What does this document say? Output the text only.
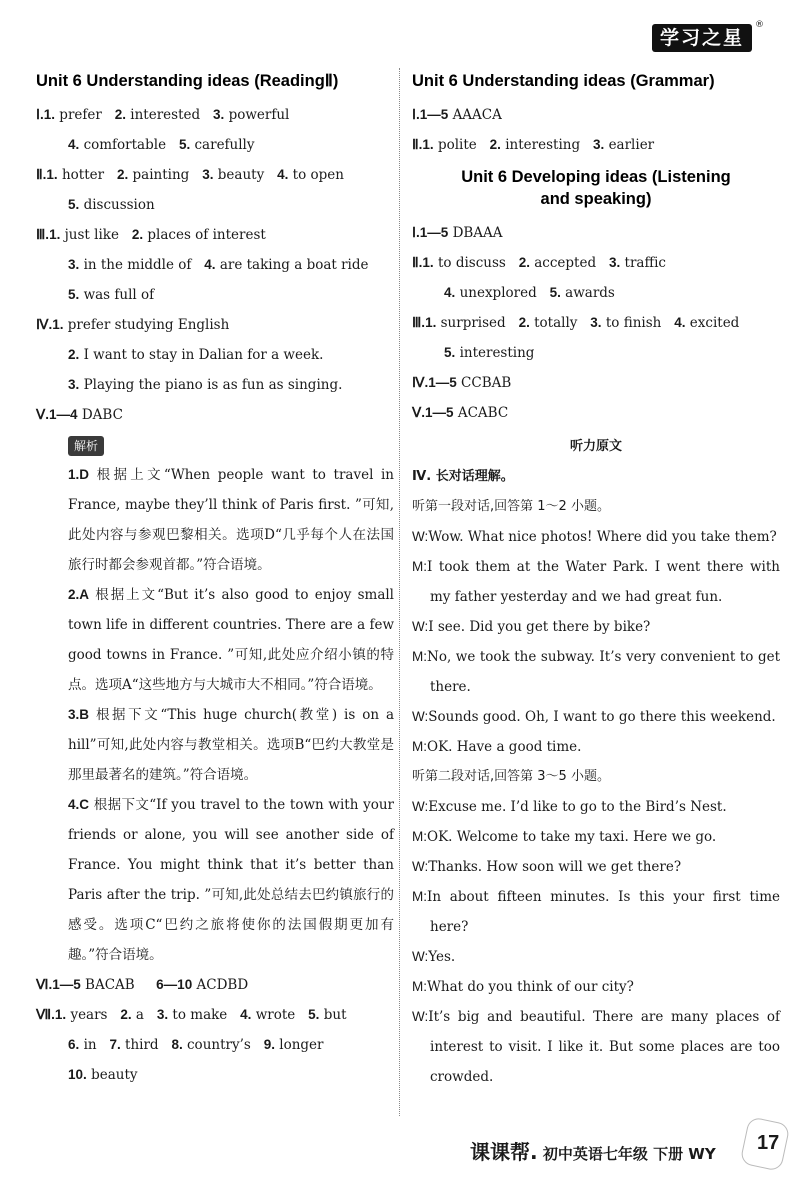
学习之星
®
Unit 6 Understanding ideas (ReadingⅡ)
Ⅰ.1. prefer 2. interested 3. powerful
4. comfortable 5. carefully
Ⅱ.1. hotter 2. painting 3. beauty 4. to open
5. discussion
Ⅲ.1. just like 2. places of interest
3. in the middle of 4. are taking a boat ride
5. was full of
Ⅳ.1. prefer studying English
2. I want to stay in Dalian for a week.
3. Playing the piano is as fun as singing.
Ⅴ.1—4 DABC
解析

1.D 根据上文“When people want to travel in France, maybe they’ll think of Paris first. ”可知,此处内容与参观巴黎相关。选项D“几乎每个人在法国旅行时都会参观首都。”符合语境。

2.A 根据上文“But it’s also good to enjoy small town life in different countries. There are a few good towns in France. ”可知,此处应介绍小镇的特点。选项A“这些地方与大城市大不相同。”符合语境。

3.B 根据下文“This huge church(教堂) is on a hill”可知,此处内容与教堂相关。选项B“巴约大教堂是那里最著名的建筑。”符合语境。

4.C 根据下文“If you travel to the town with your friends or alone, you will see another side of France. You might think that it’s better than Paris after the trip. ”可知,此处总结去巴约镇旅行的感受。选项C“巴约之旅将使你的法国假期更加有趣。”符合语境。

Ⅵ.1—5 BACAB 6—10 ACDBD
Ⅶ.1. years 2. a 3. to make 4. wrote 5. but
6. in 7. third 8. country’s 9. longer
10. beauty
Unit 6 Understanding ideas (Grammar)
Ⅰ.1—5 AAACA
Ⅱ.1. polite 2. interesting 3. earlier
Unit 6 Developing ideas (Listening
and speaking)
Ⅰ.1—5 DBAAA
Ⅱ.1. to discuss 2. accepted 3. traffic
4. unexplored 5. awards
Ⅲ.1. surprised 2. totally 3. to finish 4. excited
5. interesting
Ⅳ.1—5 CCBAB
Ⅴ.1—5 ACABC
听力原文
Ⅳ. 长对话理解。
听第一段对话,回答第 1～2 小题。
W:Wow. What nice photos! Where did you take them?
M:I took them at the Water Park. I went there with my father yesterday and we had great fun.
W:I see. Did you get there by bike?
M:No, we took the subway. It’s very convenient to get there.
W:Sounds good. Oh, I want to go there this weekend.
M:OK. Have a good time.
听第二段对话,回答第 3～5 小题。
W:Excuse me. I’d like to go to the Bird’s Nest.
M:OK. Welcome to take my taxi. Here we go.
W:Thanks. How soon will we get there?
M:In about fifteen minutes. Is this your first time here?
W:Yes.
M:What do you think of our city?
W:It’s big and beautiful. There are many places of interest to visit. I like it. But some places are too crowded.
课课帮. 初中英语七年级 下册 WY 17
